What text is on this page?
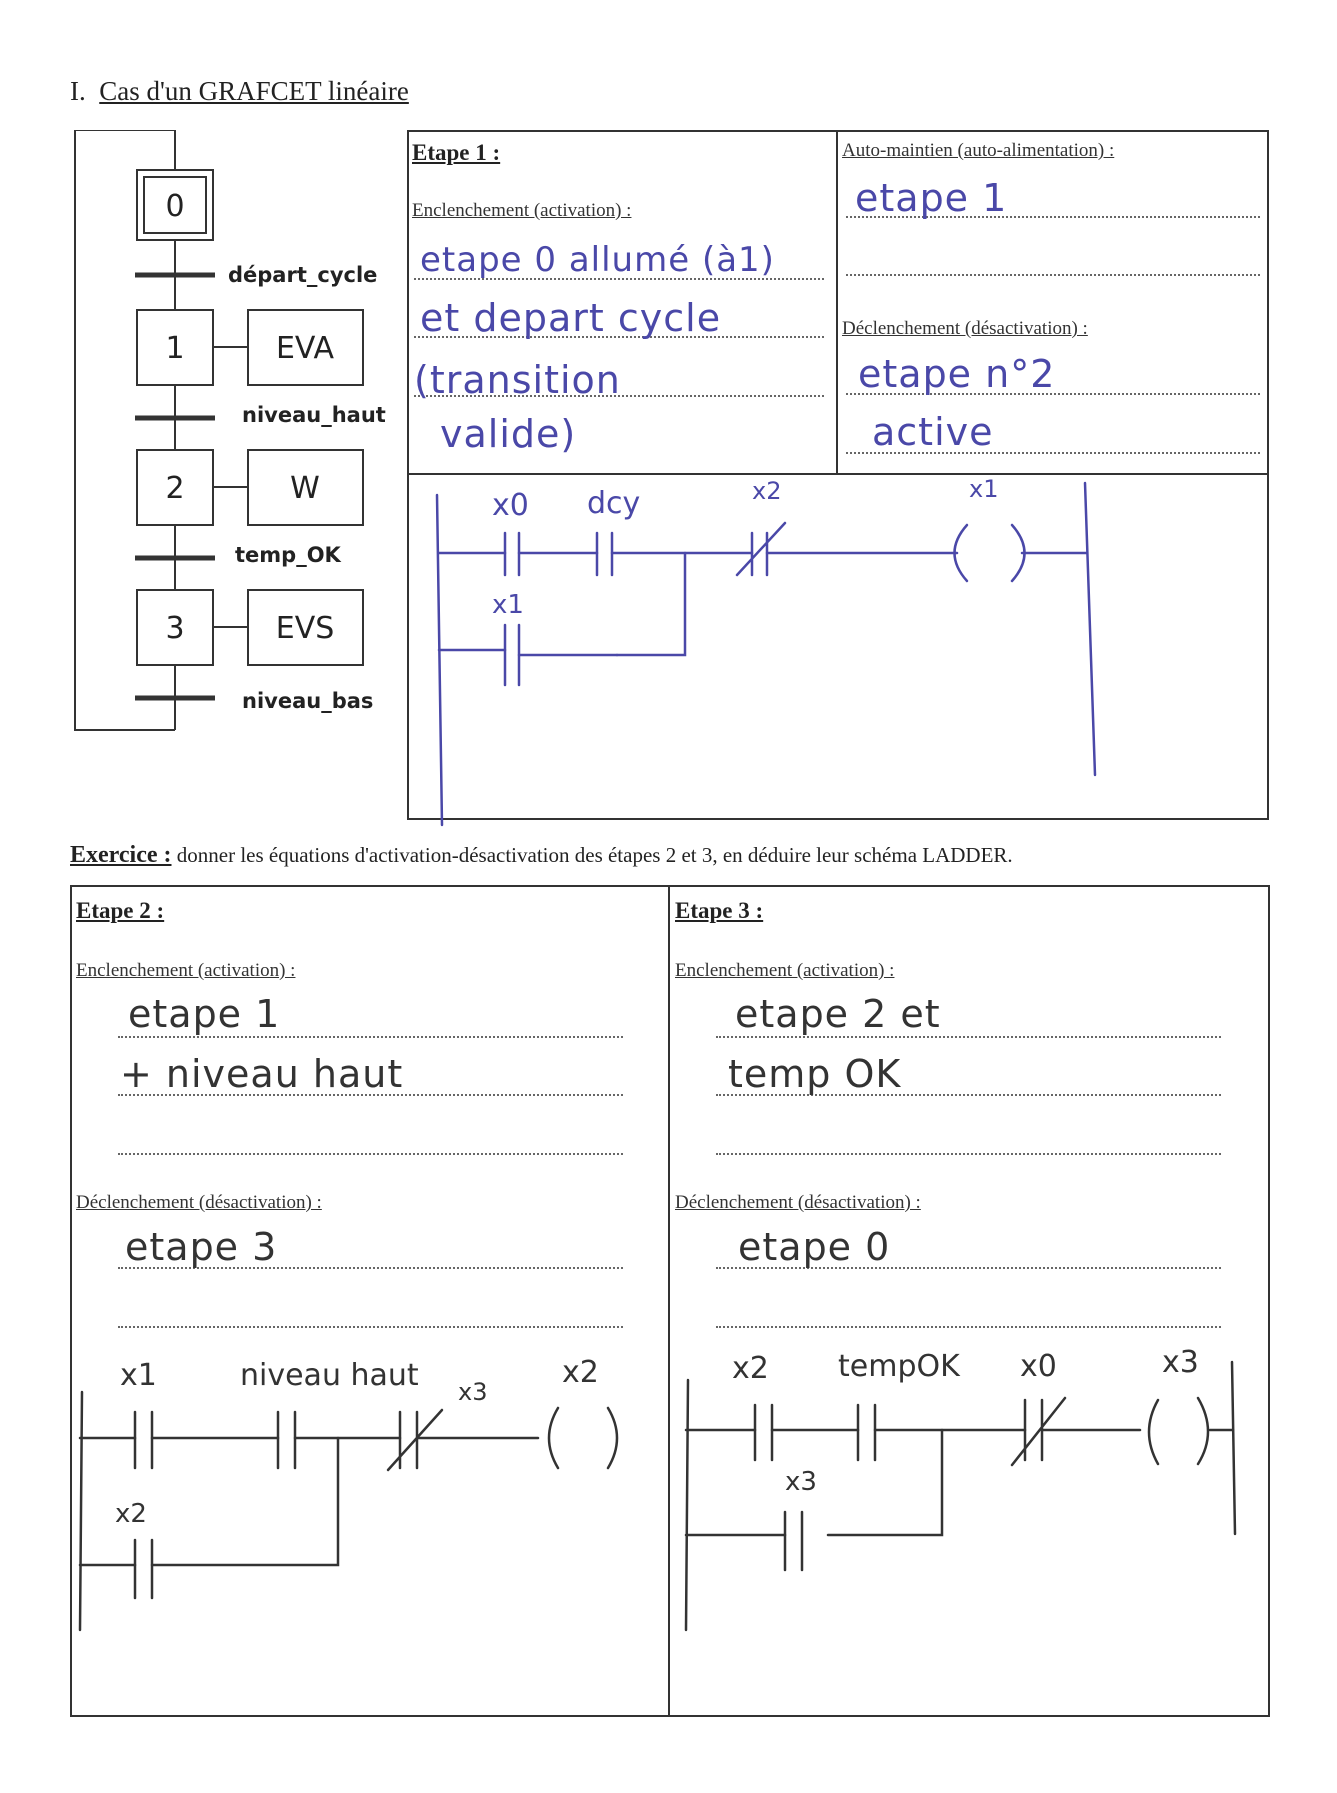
I. Cas d'un GRAFCET linéaire
0
1
2
3
EVA
W
EVS
départ_cycle
niveau_haut
temp_OK
niveau_bas
Etape 1 :
Enclenchement (activation) :
etape 0 allumé (à1)
et depart cycle
(transition
valide)
Auto-maintien (auto-alimentation) :
etape 1
Déclenchement (désactivation) :
etape n°2
active
x0 dcy	x2	x1
x1
Exercice : donner les équations d'activation-désactivation des étapes 2 et 3, en déduire leur schéma LADDER.
Etape 2 :
Enclenchement (activation) :
etape 1
+ niveau haut
Déclenchement (désactivation) :
etape 3
x1	niveau haut x3
x2
x2
Etape 3 :
Enclenchement (activation) :
etape 2 et
temp OK
Déclenchement (désactivation) :
etape 0
x2 tempOK x0	x3
x3
